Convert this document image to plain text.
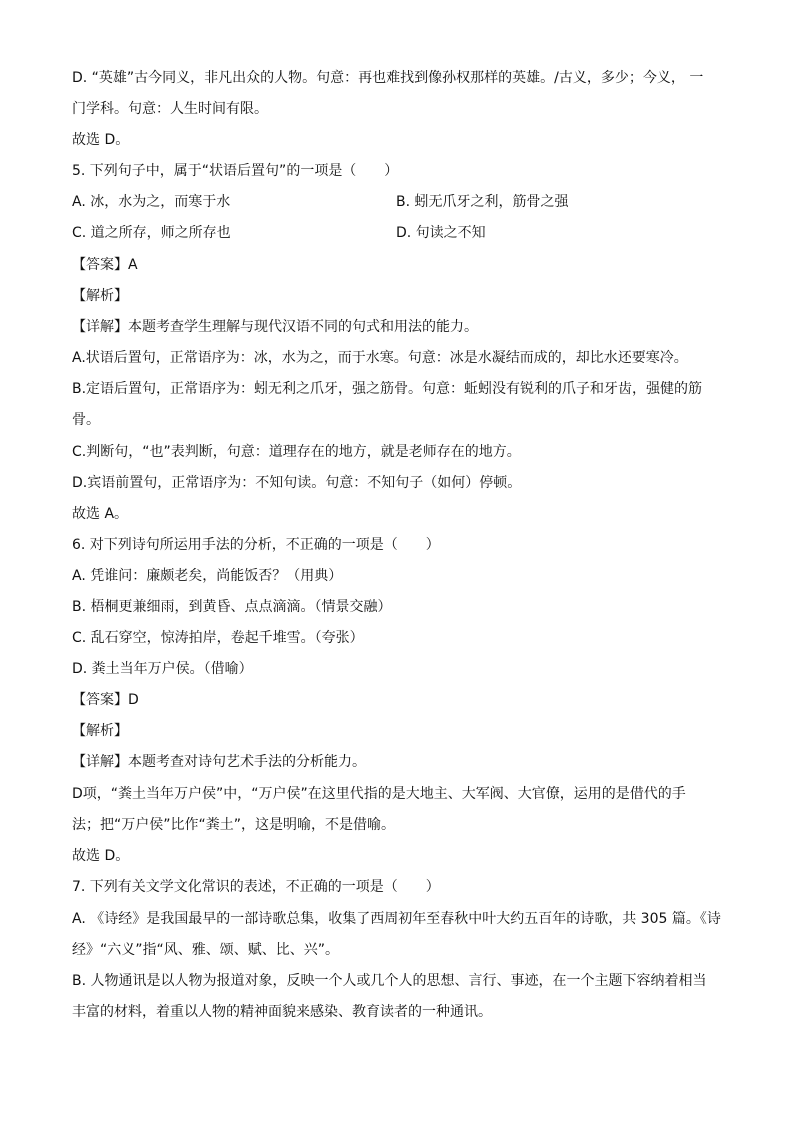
D. “英雄”古今同义，非凡出众的人物。句意：再也难找到像孙权那样的英雄。/古义，多少；今义， 一
门学科。句意：人生时间有限。
故选 D。
5. 下列句子中，属于“状语后置句”的一项是（　　）
A. 冰，水为之，而寒于水	B. 蚓无爪牙之利，筋骨之强
C. 道之所存，师之所存也	D. 句读之不知
【答案】A
【解析】
【详解】本题考查学生理解与现代汉语不同的句式和用法的能力。
A.状语后置句，正常语序为：冰，水为之，而于水寒。句意：冰是水凝结而成的，却比水还要寒冷。
B.定语后置句，正常语序为：蚓无利之爪牙，强之筋骨。句意：蚯蚓没有锐利的爪子和牙齿，强健的筋
骨。
C.判断句，“也”表判断，句意：道理存在的地方，就是老师存在的地方。
D.宾语前置句，正常语序为：不知句读。句意：不知句子（如何）停顿。
故选 A。
6. 对下列诗句所运用手法的分析，不正确的一项是（　　）
A. 凭谁问：廉颇老矣，尚能饭否？（用典）
B. 梧桐更兼细雨，到黄昏、点点滴滴。（情景交融）
C. 乱石穿空，惊涛拍岸，卷起千堆雪。（夸张）
D. 粪土当年万户侯。（借喻）
【答案】D
【解析】
【详解】本题考查对诗句艺术手法的分析能力。
D项，“粪土当年万户侯”中，“万户侯”在这里代指的是大地主、大军阀、大官僚，运用的是借代的手
法；把“万户侯”比作“粪土”，这是明喻，不是借喻。
故选 D。
7. 下列有关文学文化常识的表述，不正确的一项是（　　）
A. 《诗经》是我国最早的一部诗歌总集，收集了西周初年至春秋中叶大约五百年的诗歌，共 305 篇。《诗
经》“六义”指“风、雅、颂、赋、比、兴”。
B. 人物通讯是以人物为报道对象，反映一个人或几个人的思想、言行、事迹，在一个主题下容纳着相当
丰富的材料，着重以人物的精神面貌来感染、教育读者的一种通讯。
